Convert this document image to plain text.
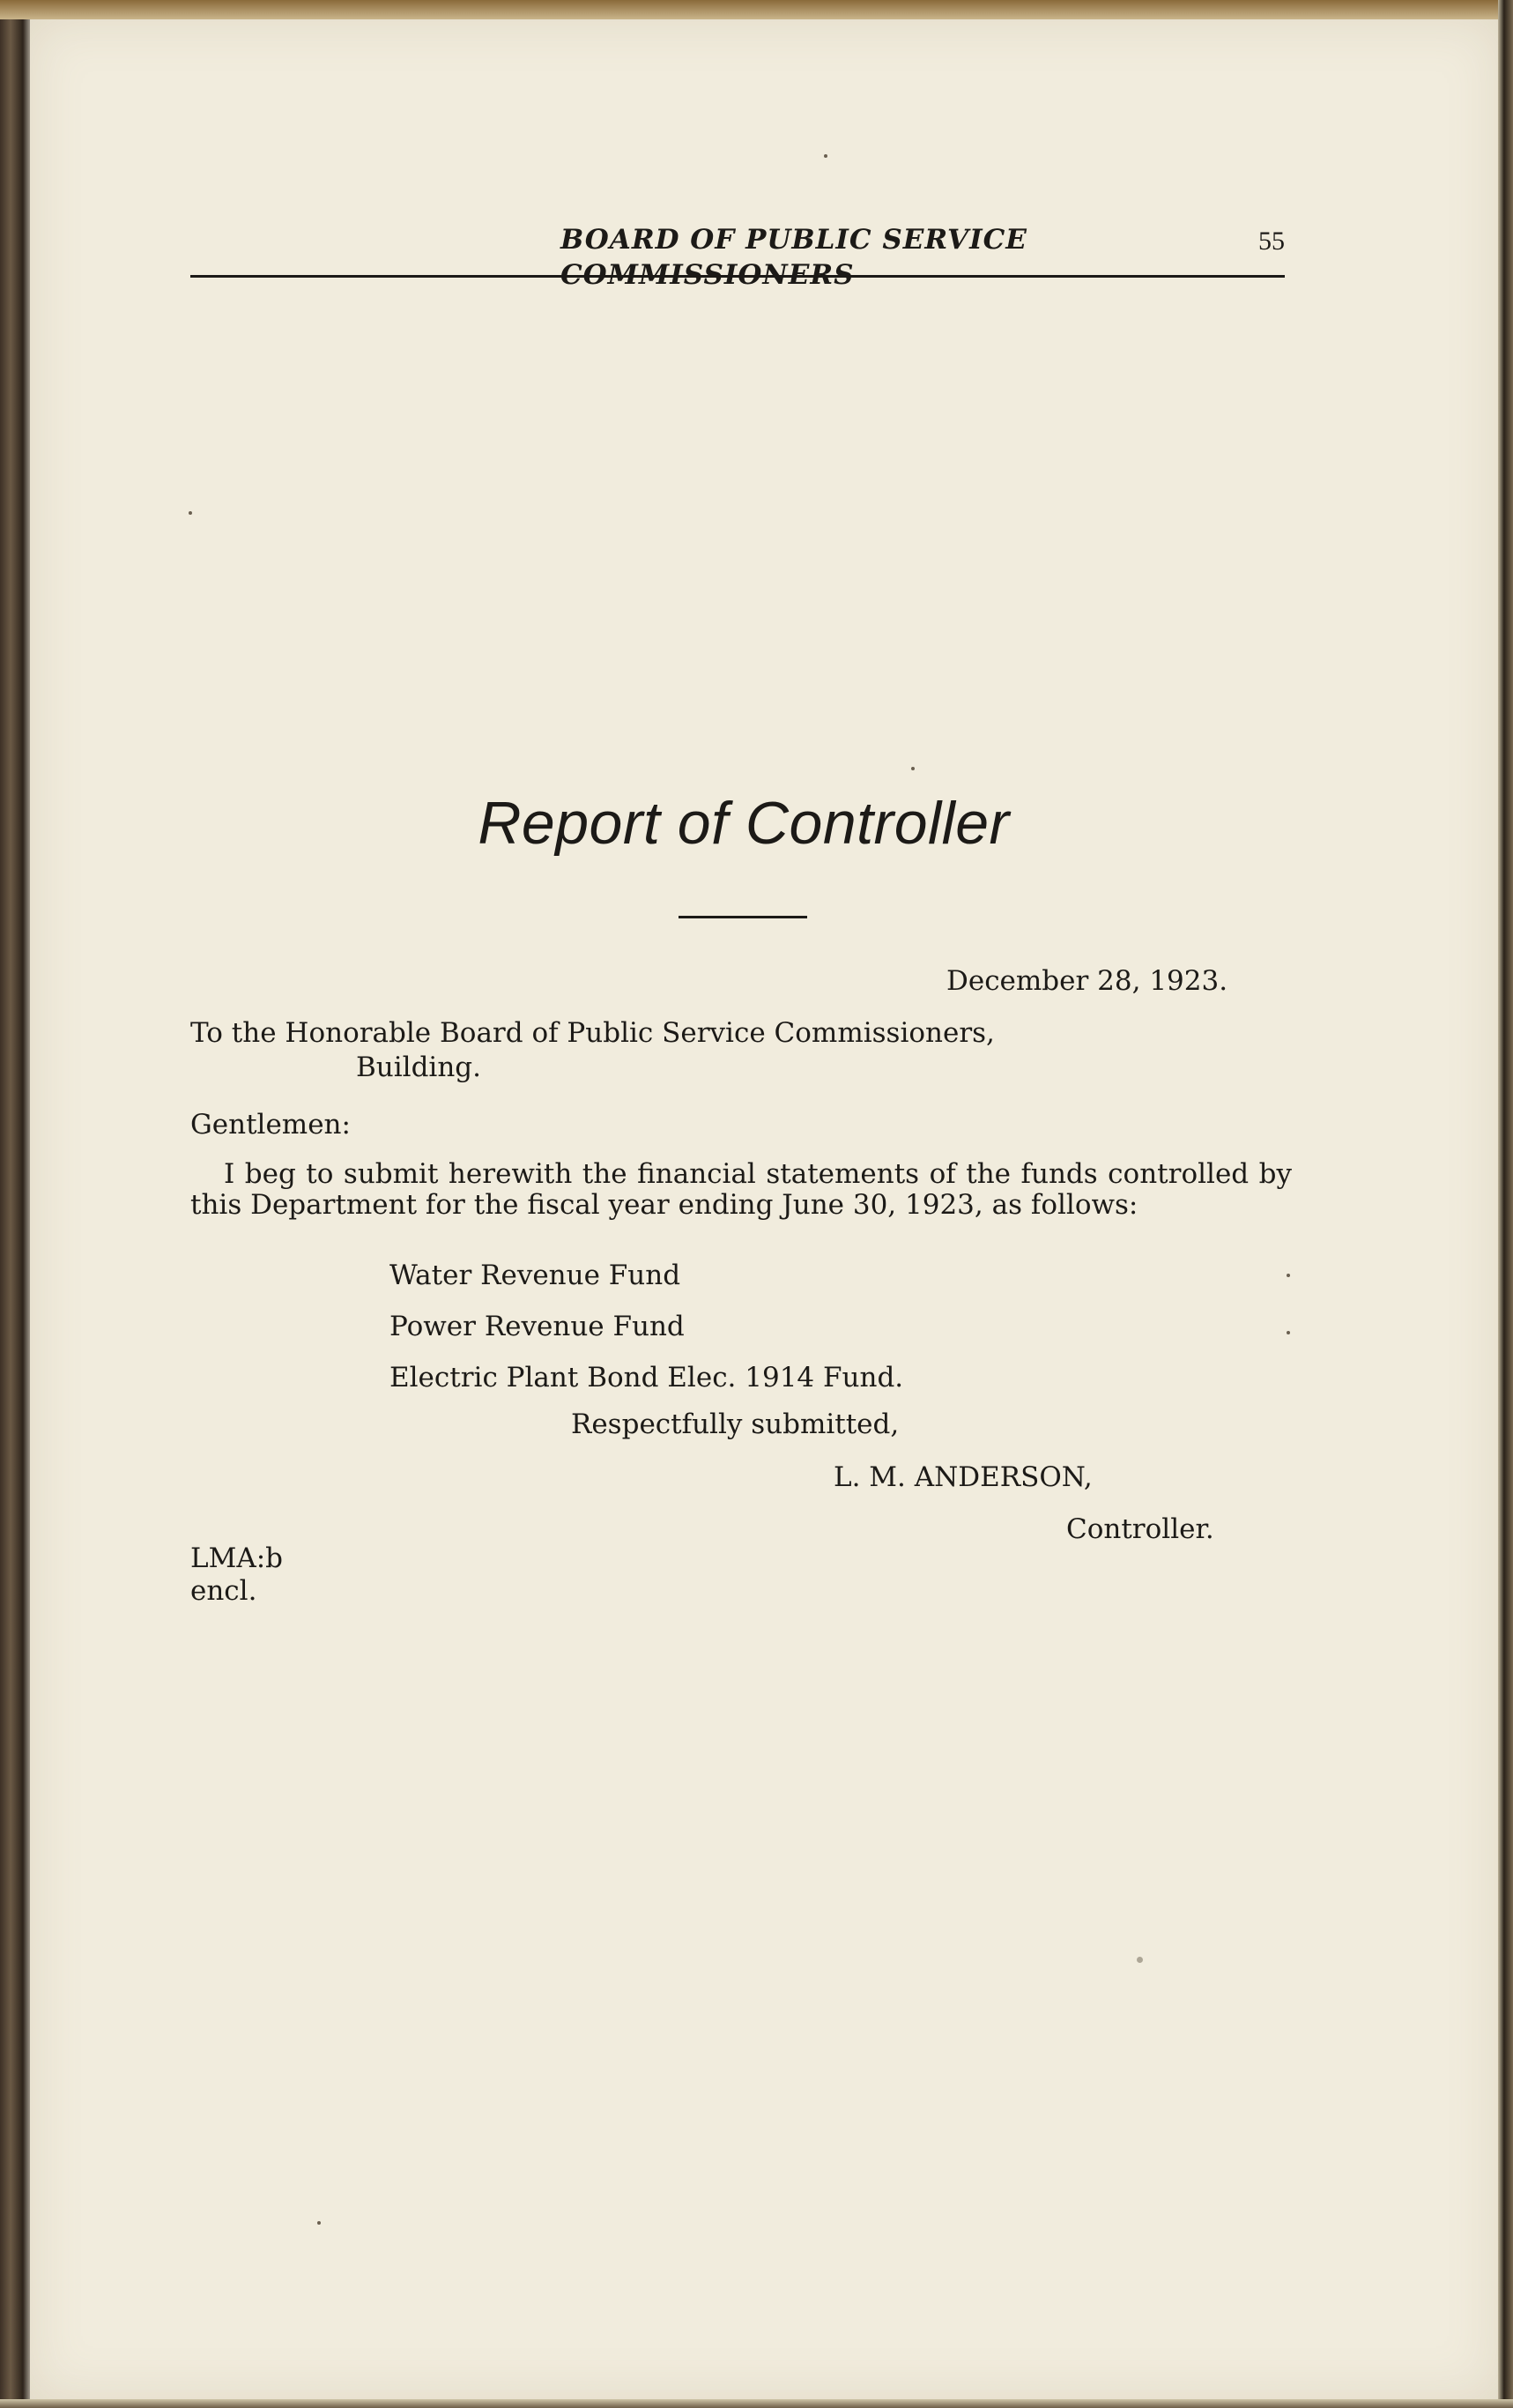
BOARD OF PUBLIC SERVICE COMMISSIONERS
55
Report of Controller
December 28, 1923.
To the Honorable Board of Public Service Commissioners,
Building.
Gentlemen:
I beg to submit herewith the financial statements of the funds controlled by this Department for the fiscal year ending June 30, 1923, as follows:
Water Revenue Fund
Power Revenue Fund
Electric Plant Bond Elec. 1914 Fund.
Respectfully submitted,
L. M. ANDERSON,
Controller.
LMA:b
encl.
